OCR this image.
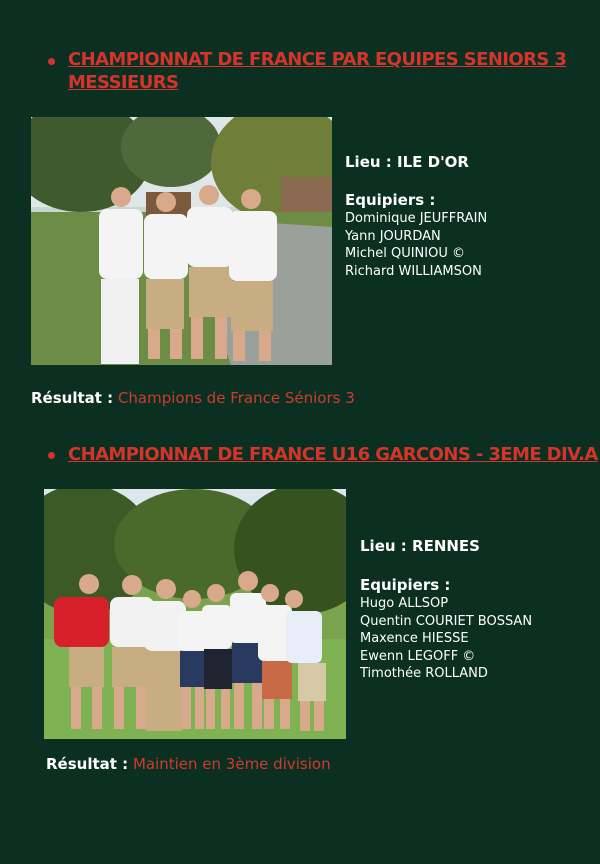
CHAMPIONNAT DE FRANCE PAR EQUIPES SENIORS 3
MESSIEURS
Lieu : ILE D'OR
Equipiers :
Dominique JEUFFRAIN
Yann JOURDAN
Michel QUINIOU ©
Richard WILLIAMSON
Résultat : Champions de France Séniors 3
CHAMPIONNAT DE FRANCE U16 GARCONS - 3EME DIV.A
Lieu : RENNES
Equipiers :
Hugo ALLSOP
Quentin COURIET BOSSAN
Maxence HIESSE
Ewenn LEGOFF ©
Timothée ROLLAND
Résultat : Maintien en 3ème division
